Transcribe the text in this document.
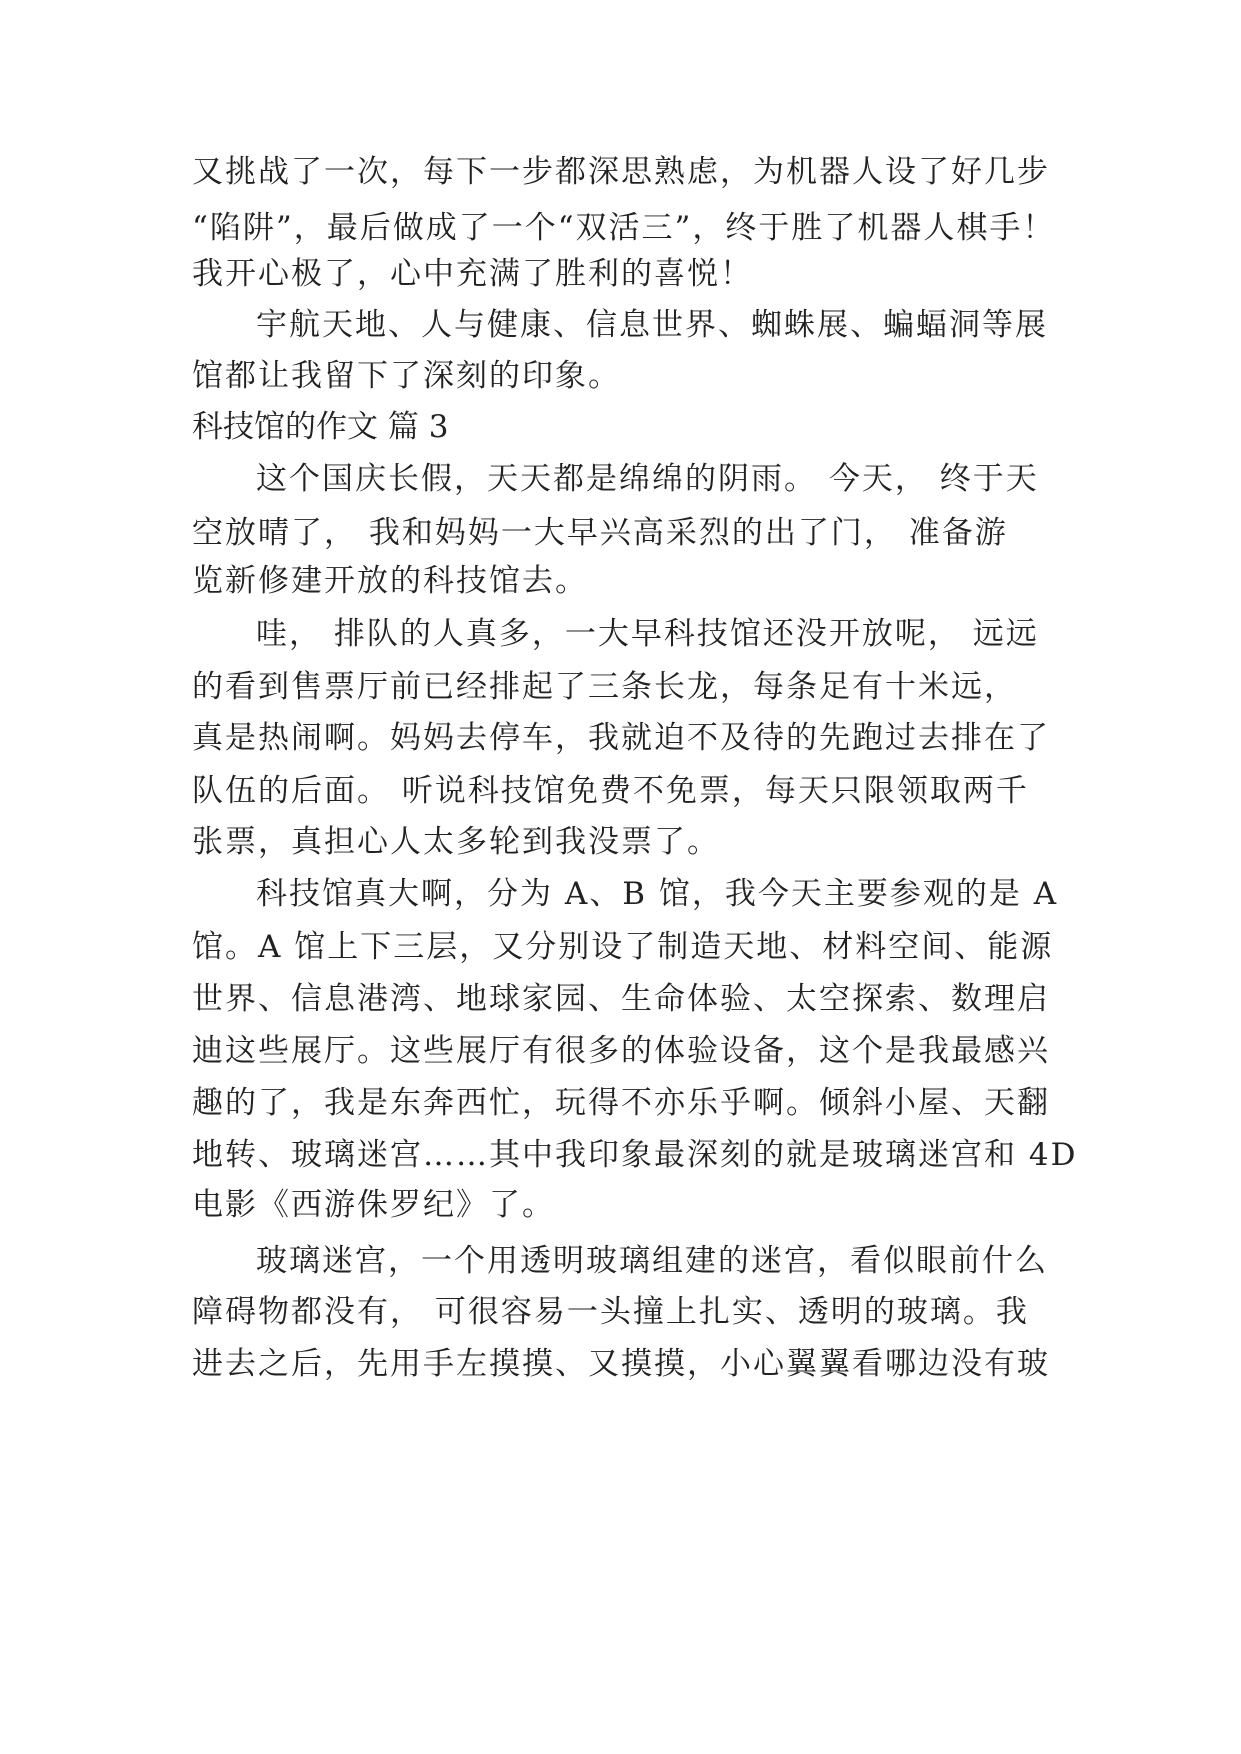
又挑战了一次，每下一步都深思熟虑，为机器人设了好几步
“陷阱”，最后做成了一个“双活三”，终于胜了机器人棋手！
我开心极了，心中充满了胜利的喜悦！
宇航天地、人与健康、信息世界、蜘蛛展、蝙蝠洞等展
馆都让我留下了深刻的印象。
科技馆的作文 篇 3
这个国庆长假，天天都是绵绵的阴雨。 今天， 终于天
空放晴了， 我和妈妈一大早兴高采烈的出了门， 准备游
览新修建开放的科技馆去。
哇， 排队的人真多，一大早科技馆还没开放呢， 远远
的看到售票厅前已经排起了三条长龙，每条足有十米远，
真是热闹啊。妈妈去停车，我就迫不及待的先跑过去排在了
队伍的后面。 听说科技馆免费不免票，每天只限领取两千
张票，真担心人太多轮到我没票了。
科技馆真大啊，分为 A、B 馆，我今天主要参观的是 A
馆。A 馆上下三层，又分别设了制造天地、材料空间、能源
世界、信息港湾、地球家园、生命体验、太空探索、数理启
迪这些展厅。这些展厅有很多的体验设备，这个是我最感兴
趣的了，我是东奔西忙，玩得不亦乐乎啊。倾斜小屋、天翻
地转、玻璃迷宫……其中我印象最深刻的就是玻璃迷宫和 4D
电影《西游侏罗纪》了。
玻璃迷宫，一个用透明玻璃组建的迷宫，看似眼前什么
障碍物都没有， 可很容易一头撞上扎实、透明的玻璃。我
进去之后，先用手左摸摸、又摸摸，小心翼翼看哪边没有玻
